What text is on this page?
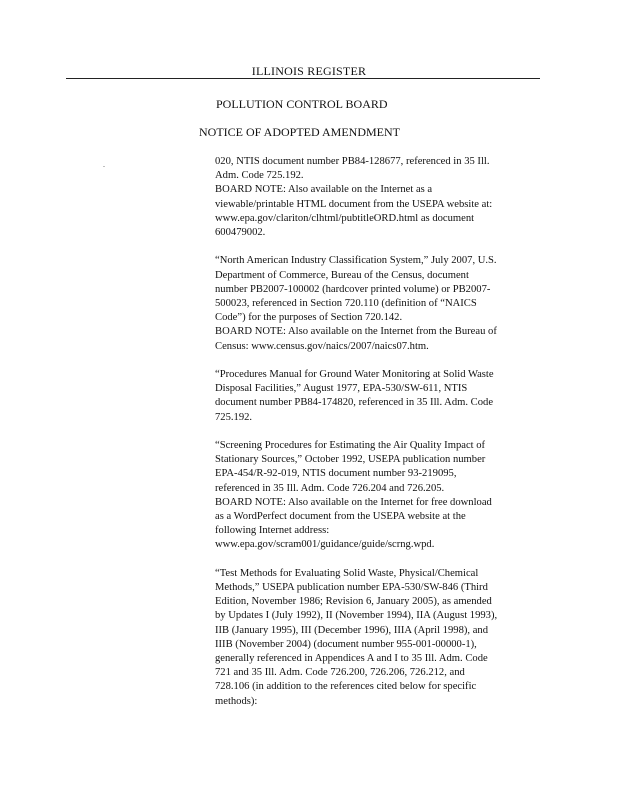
ILLINOIS REGISTER
POLLUTION CONTROL BOARD
NOTICE OF ADOPTED AMENDMENT
.	020, NTIS document number PB84-128677, referenced in 35 Ill.
Adm. Code 725.192.
BOARD NOTE: Also available on the Internet as a
viewable/printable HTML document from the USEPA website at:
www.epa.gov/clariton/clhtml/pubtitleORD.html as document
600479002.
“North American Industry Classification System,” July 2007, U.S.
Department of Commerce, Bureau of the Census, document
number PB2007-100002 (hardcover printed volume) or PB2007-
500023, referenced in Section 720.110 (definition of “NAICS
Code”) for the purposes of Section 720.142.
BOARD NOTE: Also available on the Internet from the Bureau of
Census: www.census.gov/naics/2007/naics07.htm.
“Procedures Manual for Ground Water Monitoring at Solid Waste
Disposal Facilities,” August 1977, EPA-530/SW-611, NTIS
document number PB84-174820, referenced in 35 Ill. Adm. Code
725.192.
“Screening Procedures for Estimating the Air Quality Impact of
Stationary Sources,” October 1992, USEPA publication number
EPA-454/R-92-019, NTIS document number 93-219095,
referenced in 35 Ill. Adm. Code 726.204 and 726.205.
BOARD NOTE: Also available on the Internet for free download
as a WordPerfect document from the USEPA website at the
following Internet address:
www.epa.gov/scram001/guidance/guide/scrng.wpd.
“Test Methods for Evaluating Solid Waste, Physical/Chemical
Methods,” USEPA publication number EPA-530/SW-846 (Third
Edition, November 1986; Revision 6, January 2005), as amended
by Updates I (July 1992), II (November 1994), IIA (August 1993),
IIB (January 1995), III (December 1996), IIIA (April 1998), and
IIIB (November 2004) (document number 955-001-00000-1),
generally referenced in Appendices A and I to 35 Ill. Adm. Code
721 and 35 Ill. Adm. Code 726.200, 726.206, 726.212, and
728.106 (in addition to the references cited below for specific
methods):
